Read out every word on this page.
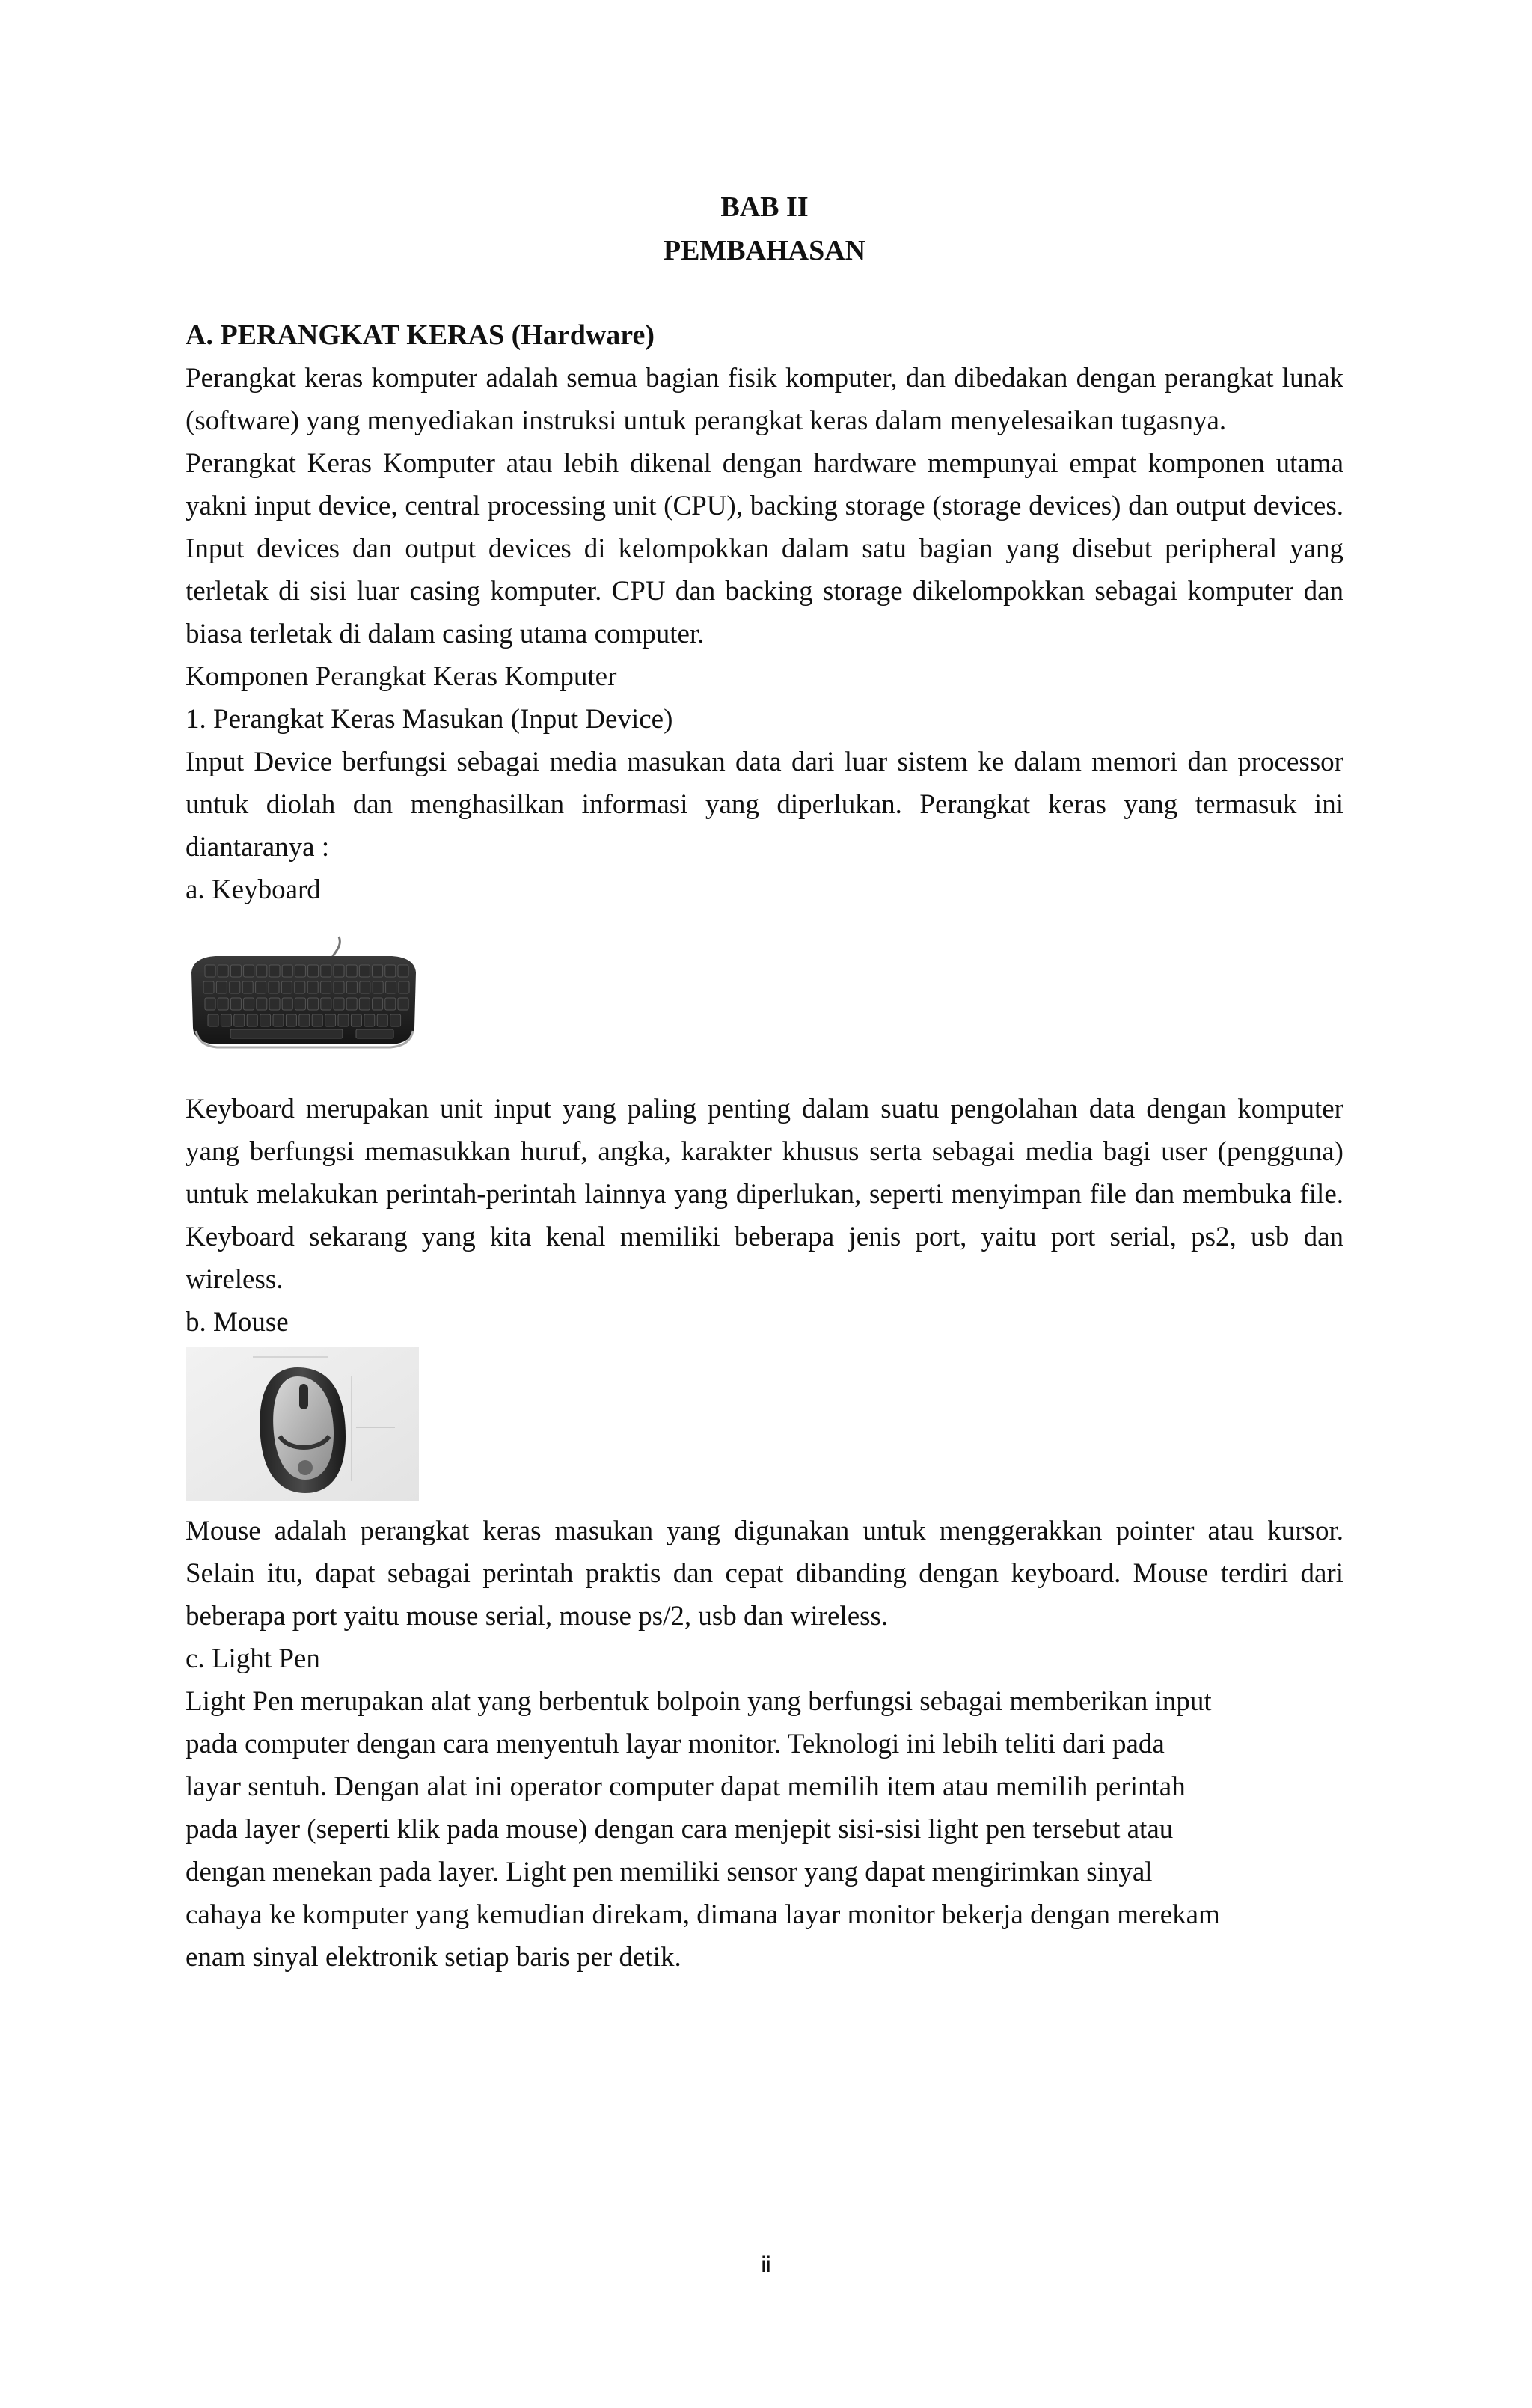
BAB II
PEMBAHASAN
A. PERANGKAT KERAS (Hardware)

Perangkat keras komputer adalah semua bagian fisik komputer, dan dibedakan dengan perangkat lunak (software) yang menyediakan instruksi untuk perangkat keras dalam menyelesaikan tugasnya.

Perangkat Keras Komputer atau lebih dikenal dengan hardware mempunyai empat komponen utama yakni input device, central processing unit (CPU), backing storage (storage devices) dan output devices. Input devices dan output devices di kelompokkan dalam satu bagian yang disebut peripheral yang terletak di sisi luar casing komputer. CPU dan backing storage dikelompokkan sebagai komputer dan biasa terletak di dalam casing utama computer.

Komponen Perangkat Keras Komputer
1. Perangkat Keras Masukan (Input Device)

Input Device berfungsi sebagai media masukan data dari luar sistem ke dalam memori dan processor untuk diolah dan menghasilkan informasi yang diperlukan. Perangkat keras yang termasuk ini diantaranya :

a. Keyboard

Keyboard merupakan unit input yang paling penting dalam suatu pengolahan data dengan komputer yang berfungsi memasukkan huruf, angka, karakter khusus serta sebagai media bagi user (pengguna) untuk melakukan perintah-perintah lainnya yang diperlukan, seperti menyimpan file dan membuka file. Keyboard sekarang yang kita kenal memiliki beberapa jenis port, yaitu port serial, ps2, usb dan wireless.

b. Mouse

Mouse adalah perangkat keras masukan yang digunakan untuk menggerakkan pointer atau kursor. Selain itu, dapat sebagai perintah praktis dan cepat dibanding dengan keyboard. Mouse terdiri dari beberapa port yaitu mouse serial, mouse ps/2, usb dan wireless.

c. Light Pen
Light Pen merupakan alat yang berbentuk bolpoin yang berfungsi sebagai memberikan input
pada computer dengan cara menyentuh layar monitor. Teknologi ini lebih teliti dari pada
layar sentuh. Dengan alat ini operator computer dapat memilih item atau memilih perintah
pada layer (seperti klik pada mouse) dengan cara menjepit sisi-sisi light pen tersebut atau
dengan menekan pada layer. Light pen memiliki sensor yang dapat mengirimkan sinyal
cahaya ke komputer yang kemudian direkam, dimana layar monitor bekerja dengan merekam
enam sinyal elektronik setiap baris per detik.
ii
